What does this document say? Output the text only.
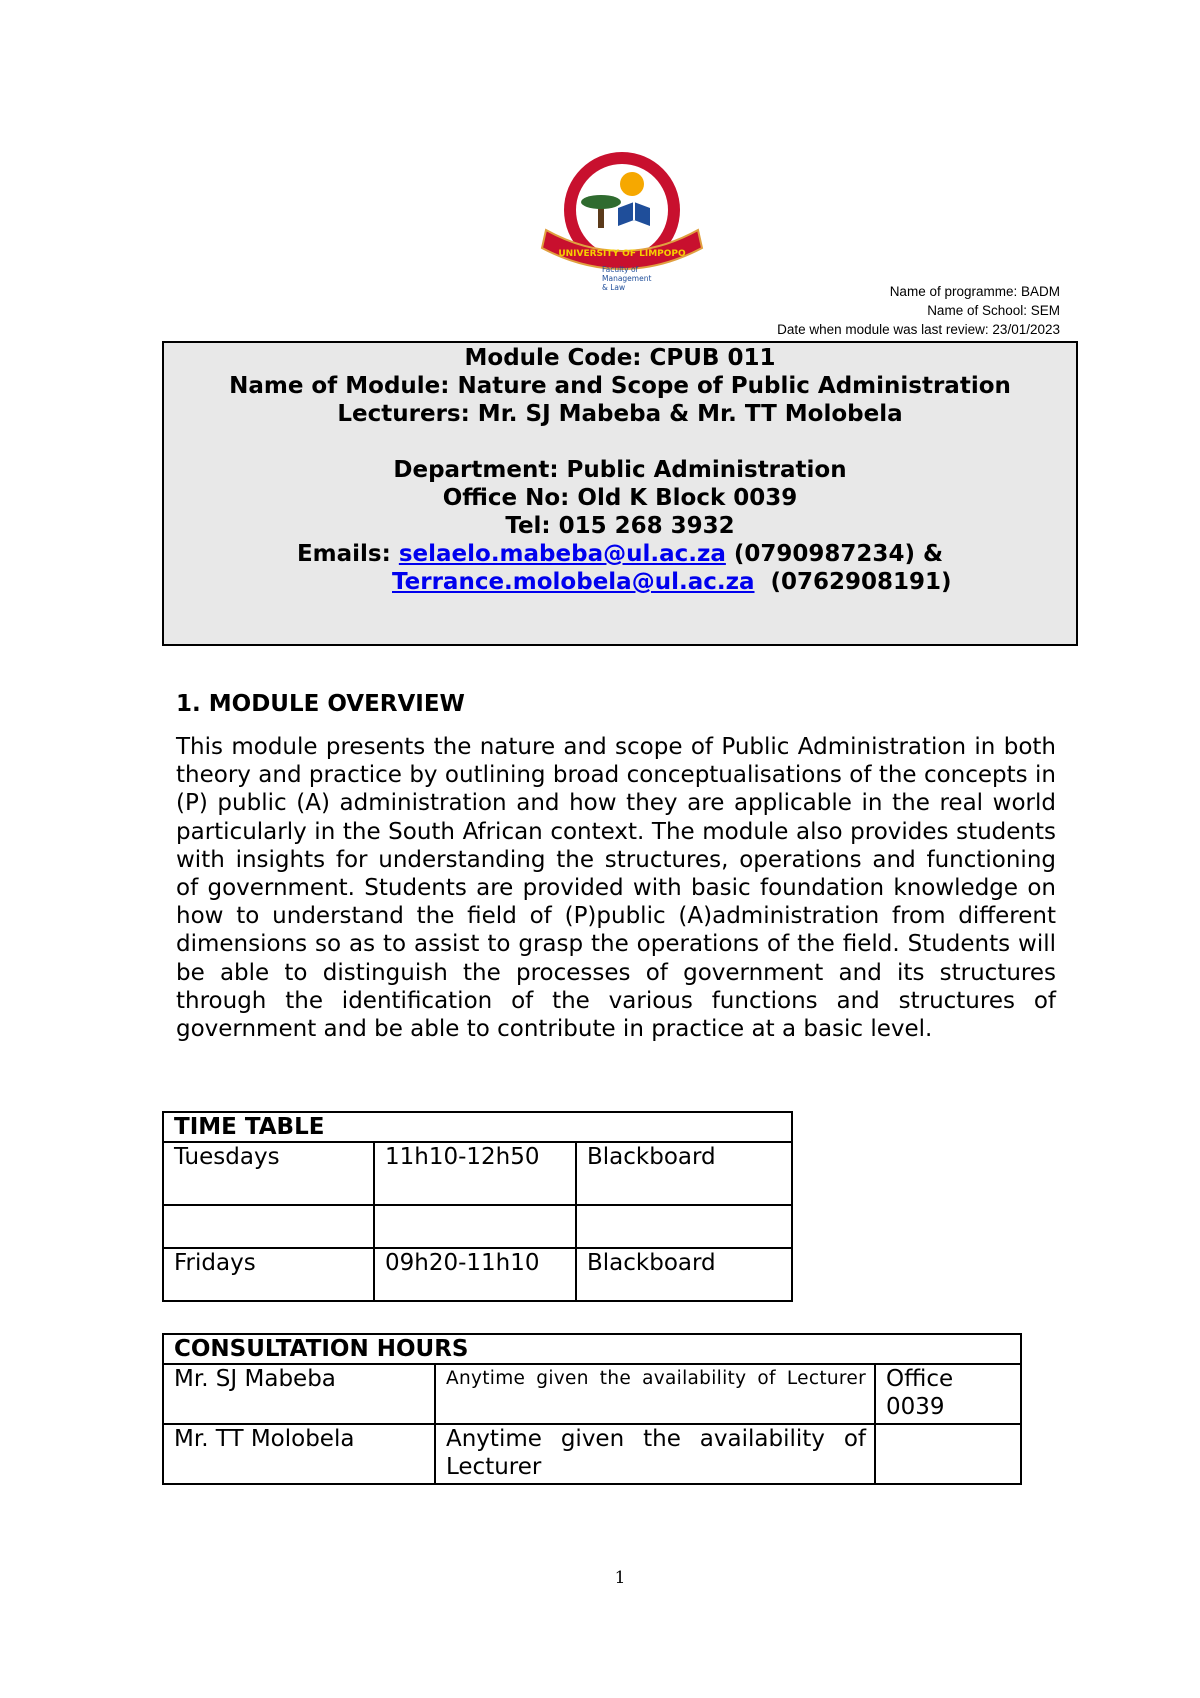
UNIVERSITY OF LIMPOPO
Faculty of
Management
& Law	Name of programme: BADM
Name of School: SEM
Date when module was last review: 23/01/2023
Module Code: CPUB 011
Name of Module: Nature and Scope of Public Administration
Lecturers: Mr. SJ Mabeba & Mr. TT Molobela
Department: Public Administration
Office No: Old K Block 0039
Tel: 015 268 3932
Emails: selaelo.mabeba@ul.ac.za (0790987234) &
Terrance.molobela@ul.ac.za  (0762908191)
1. MODULE OVERVIEW
This module presents the nature and scope of Public Administration in both theory and practice by outlining broad conceptualisations of the concepts in (P) public (A) administration and how they are applicable in the real world particularly in the South African context. The module also provides students with insights for understanding the structures, operations and functioning of government. Students are provided with basic foundation knowledge on how to understand the field of (P)public (A)administration from different dimensions so as to assist to grasp the operations of the field. Students will be able to distinguish the processes of government and its structures through the identification of the various functions and structures of government and be able to contribute in practice at a basic level.
TIME TABLE		
Tuesdays	11h10-12h50	Blackboard

Fridays	09h20-11h10	Blackboard
CONSULTATION HOURS		
Mr. SJ Mabeba	Anytime given the availability of Lecturer	Office 0039
Mr. TT Molobela	Anytime given the availability of Lecturer	
1
